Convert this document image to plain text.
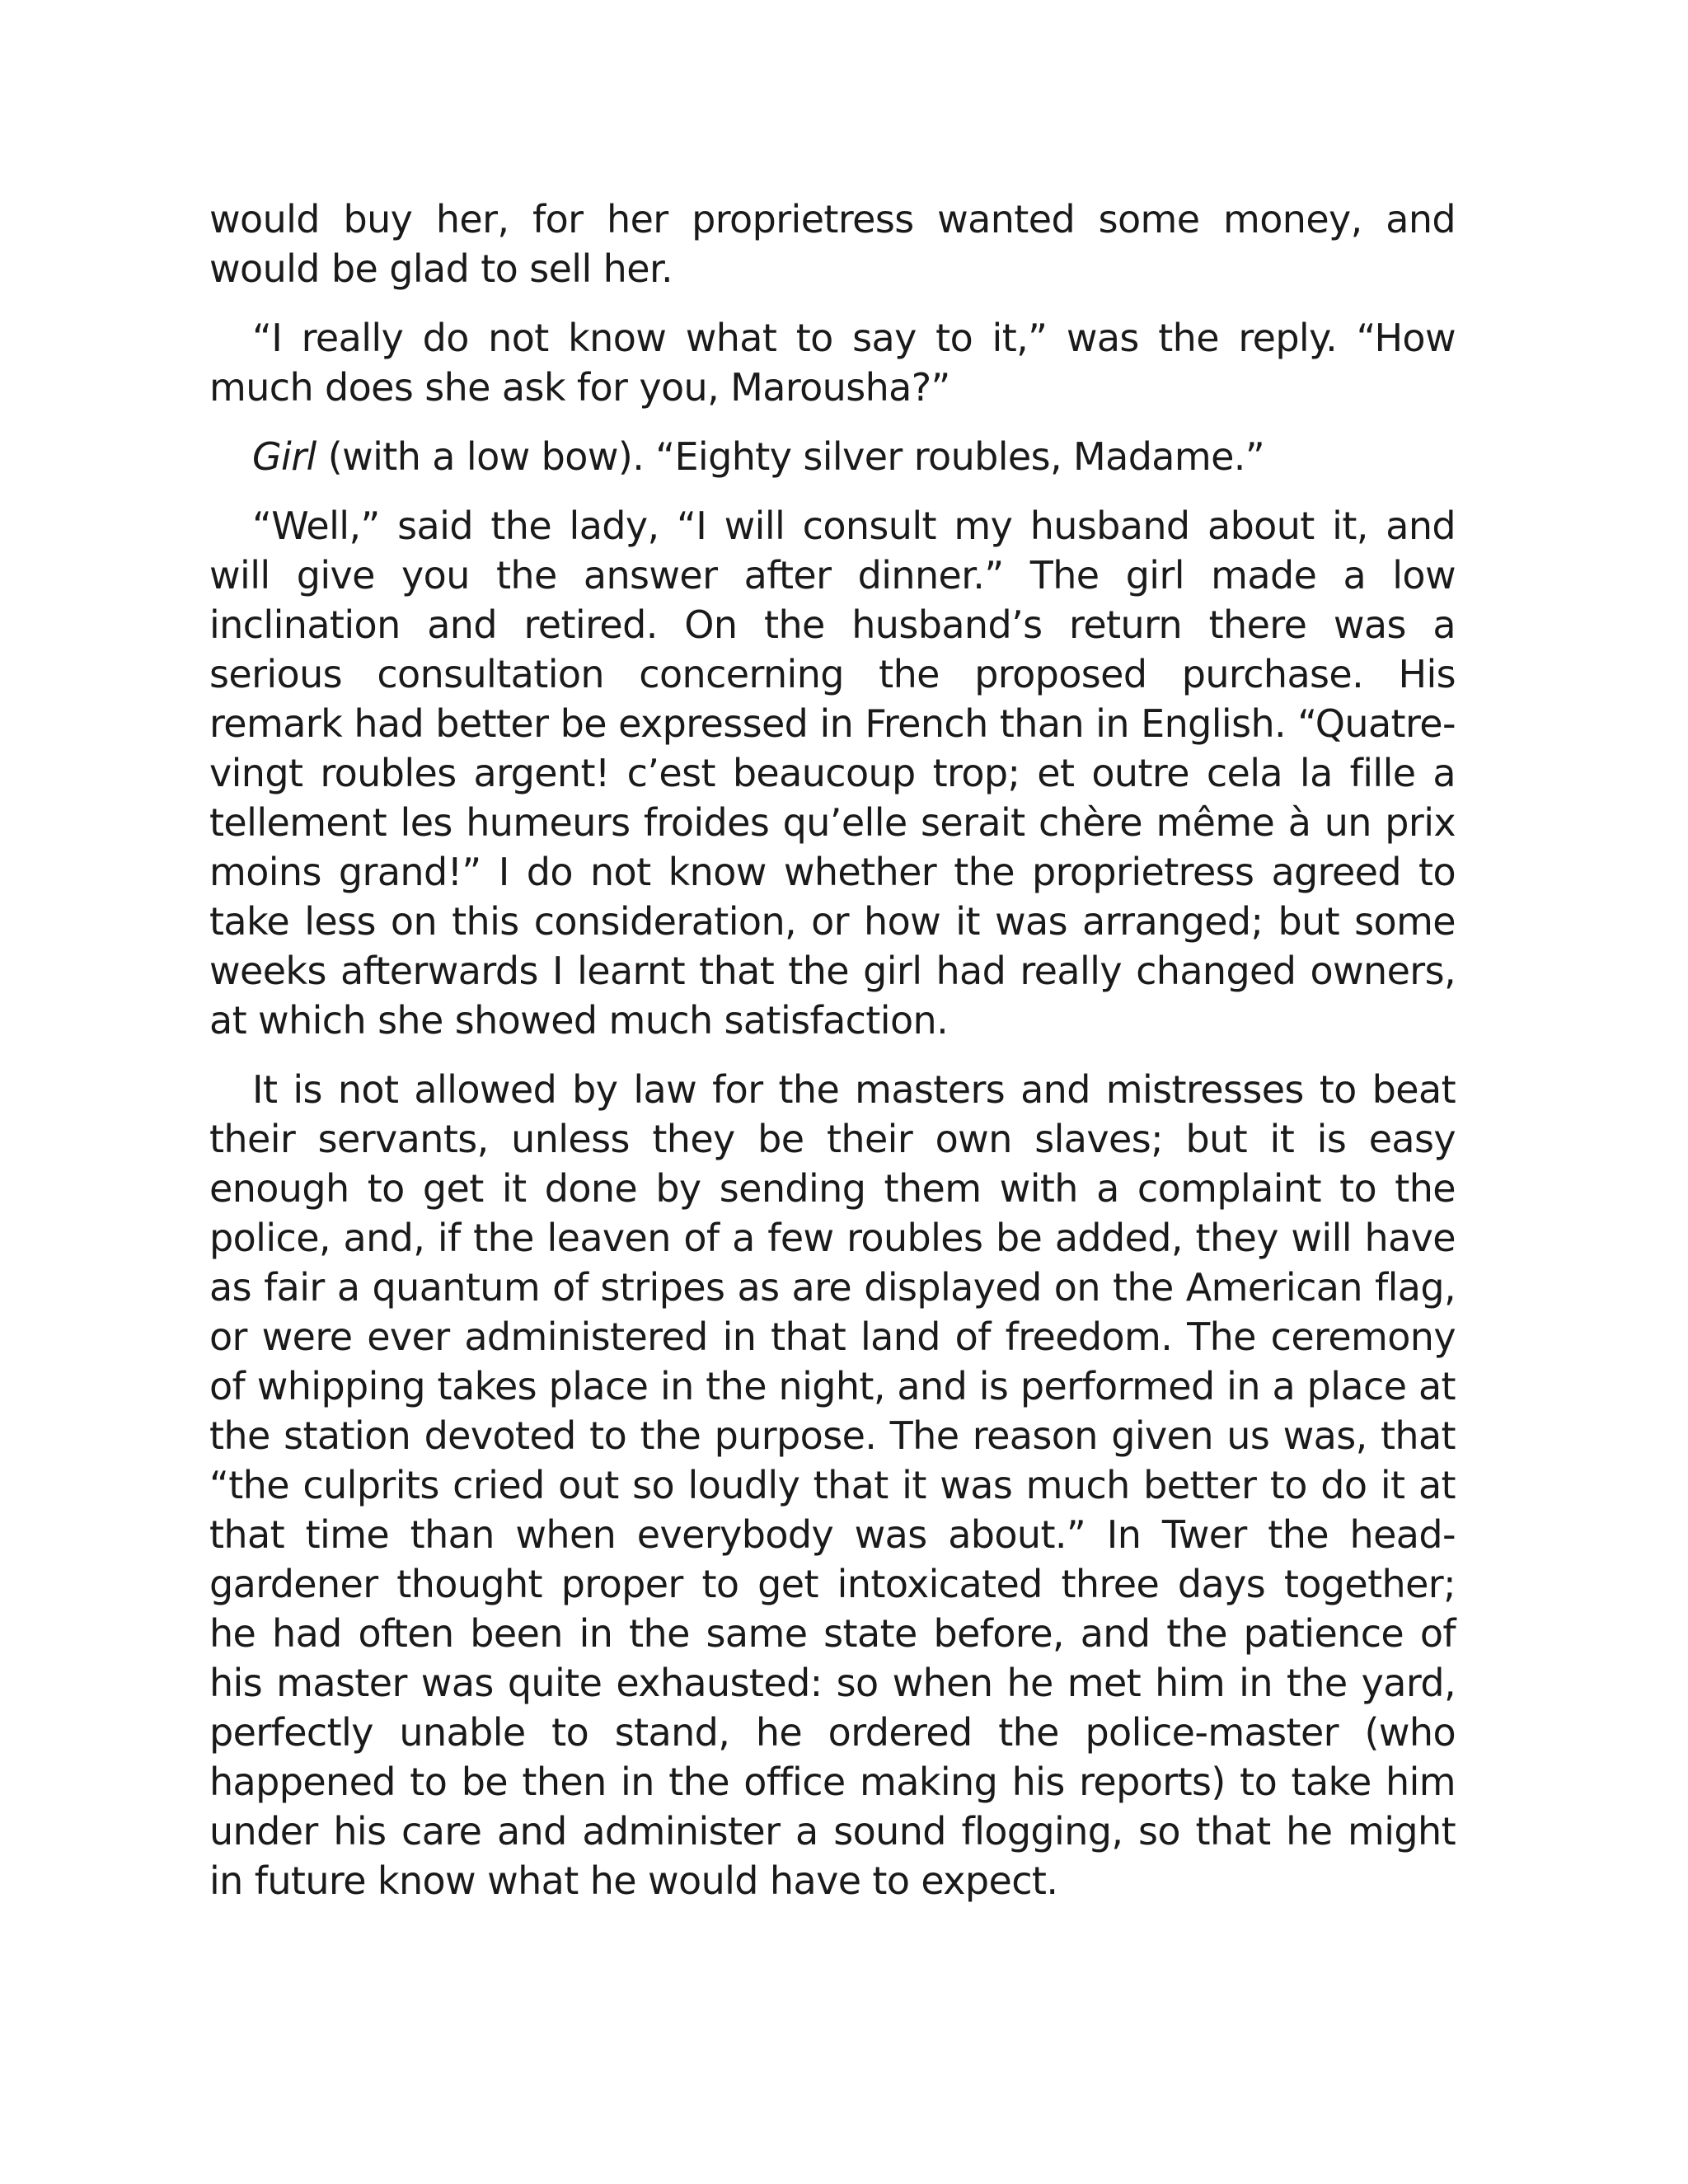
would buy her, for her proprietress wanted some money, and would be glad to sell her.

“I really do not know what to say to it,” was the reply. “How much does she ask for you, Marousha?”

Girl (with a low bow). “Eighty silver roubles, Madame.”

“Well,” said the lady, “I will consult my husband about it, and will give you the answer after dinner.” The girl made a low inclination and retired. On the husband’s return there was a serious consultation concerning the proposed purchase. His remark had better be expressed in French than in English. “Quatre-vingt roubles argent! c’est beaucoup trop; et outre cela la fille a tellement les humeurs froides qu’elle serait chère même à un prix moins grand!” I do not know whether the proprietress agreed to take less on this consideration, or how it was arranged; but some weeks afterwards I learnt that the girl had really changed owners, at which she showed much satisfaction.

It is not allowed by law for the masters and mistresses to beat their servants, unless they be their own slaves; but it is easy enough to get it done by sending them with a complaint to the police, and, if the leaven of a few roubles be added, they will have as fair a quantum of stripes as are displayed on the American flag, or were ever administered in that land of freedom. The ceremony of whipping takes place in the night, and is performed in a place at the station devoted to the purpose. The reason given us was, that “the culprits cried out so loudly that it was much better to do it at that time than when everybody was about.” In Twer the head-gardener thought proper to get intoxicated three days together; he had often been in the same state before, and the patience of his master was quite exhausted: so when he met him in the yard, perfectly unable to stand, he ordered the police-master (who happened to be then in the office making his reports) to take him under his care and administer a sound flogging, so that he might in future know what he would have to expect.
